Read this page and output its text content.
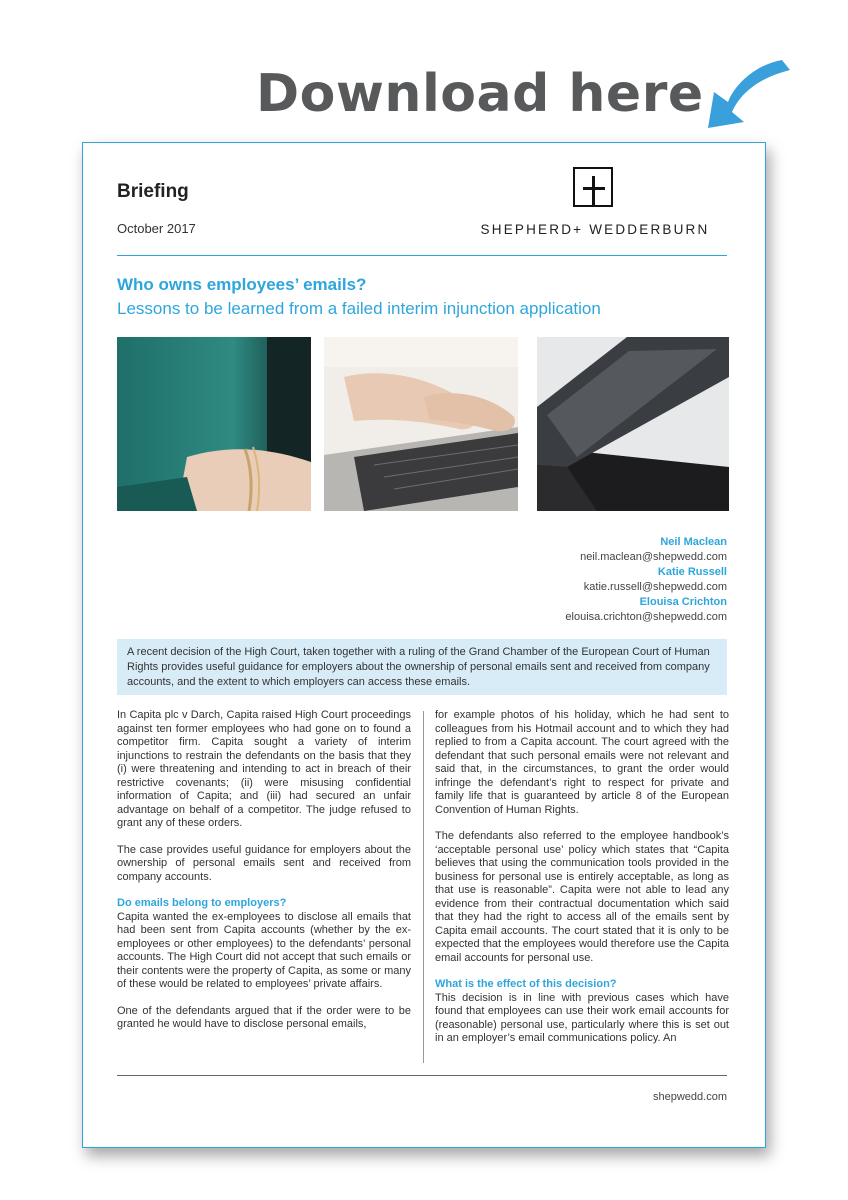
Download here
Briefing
October 2017	SHEPHERD+ WEDDERBURN
Who owns employees’ emails?
Lessons to be learned from a failed interim injunction application
Neil Maclean
neil.maclean@shepwedd.com
Katie Russell
katie.russell@shepwedd.com
Elouisa Crichton
elouisa.crichton@shepwedd.com
A recent decision of the High Court, taken together with a ruling of the Grand Chamber of the European Court of Human Rights provides useful guidance for employers about the ownership of personal emails sent and received from company accounts, and the extent to which employers can access these emails.

In Capita plc v Darch, Capita raised High Court proceedings against ten former employees who had gone on to found a competitor firm. Capita sought a variety of interim injunctions to restrain the defendants on the basis that they (i) were threatening and intending to act in breach of their restrictive covenants; (ii) were misusing confidential information of Capita; and (iii) had secured an unfair advantage on behalf of a competitor. The judge refused to grant any of these orders.

The case provides useful guidance for employers about the ownership of personal emails sent and received from company accounts.

Do emails belong to employers?

Capita wanted the ex-employees to disclose all emails that had been sent from Capita accounts (whether by the ex-employees or other employees) to the defendants’ personal accounts. The High Court did not accept that such emails or their contents were the property of Capita, as some or many of these would be related to employees’ private affairs.

One of the defendants argued that if the order were to be granted he would have to disclose personal emails,

for example photos of his holiday, which he had sent to colleagues from his Hotmail account and to which they had replied to from a Capita account. The court agreed with the defendant that such personal emails were not relevant and said that, in the circumstances, to grant the order would infringe the defendant’s right to respect for private and family life that is guaranteed by article 8 of the European Convention of Human Rights.

The defendants also referred to the employee handbook’s ‘acceptable personal use’ policy which states that “Capita believes that using the communication tools provided in the business for personal use is entirely acceptable, as long as that use is reasonable”. Capita were not able to lead any evidence from their contractual documentation which said that they had the right to access all of the emails sent by Capita email accounts. The court stated that it is only to be expected that the employees would therefore use the Capita email accounts for personal use.

What is the effect of this decision?

This decision is in line with previous cases which have found that employees can use their work email accounts for (reasonable) personal use, particularly where this is set out in an employer’s email communications policy. An

shepwedd.com
